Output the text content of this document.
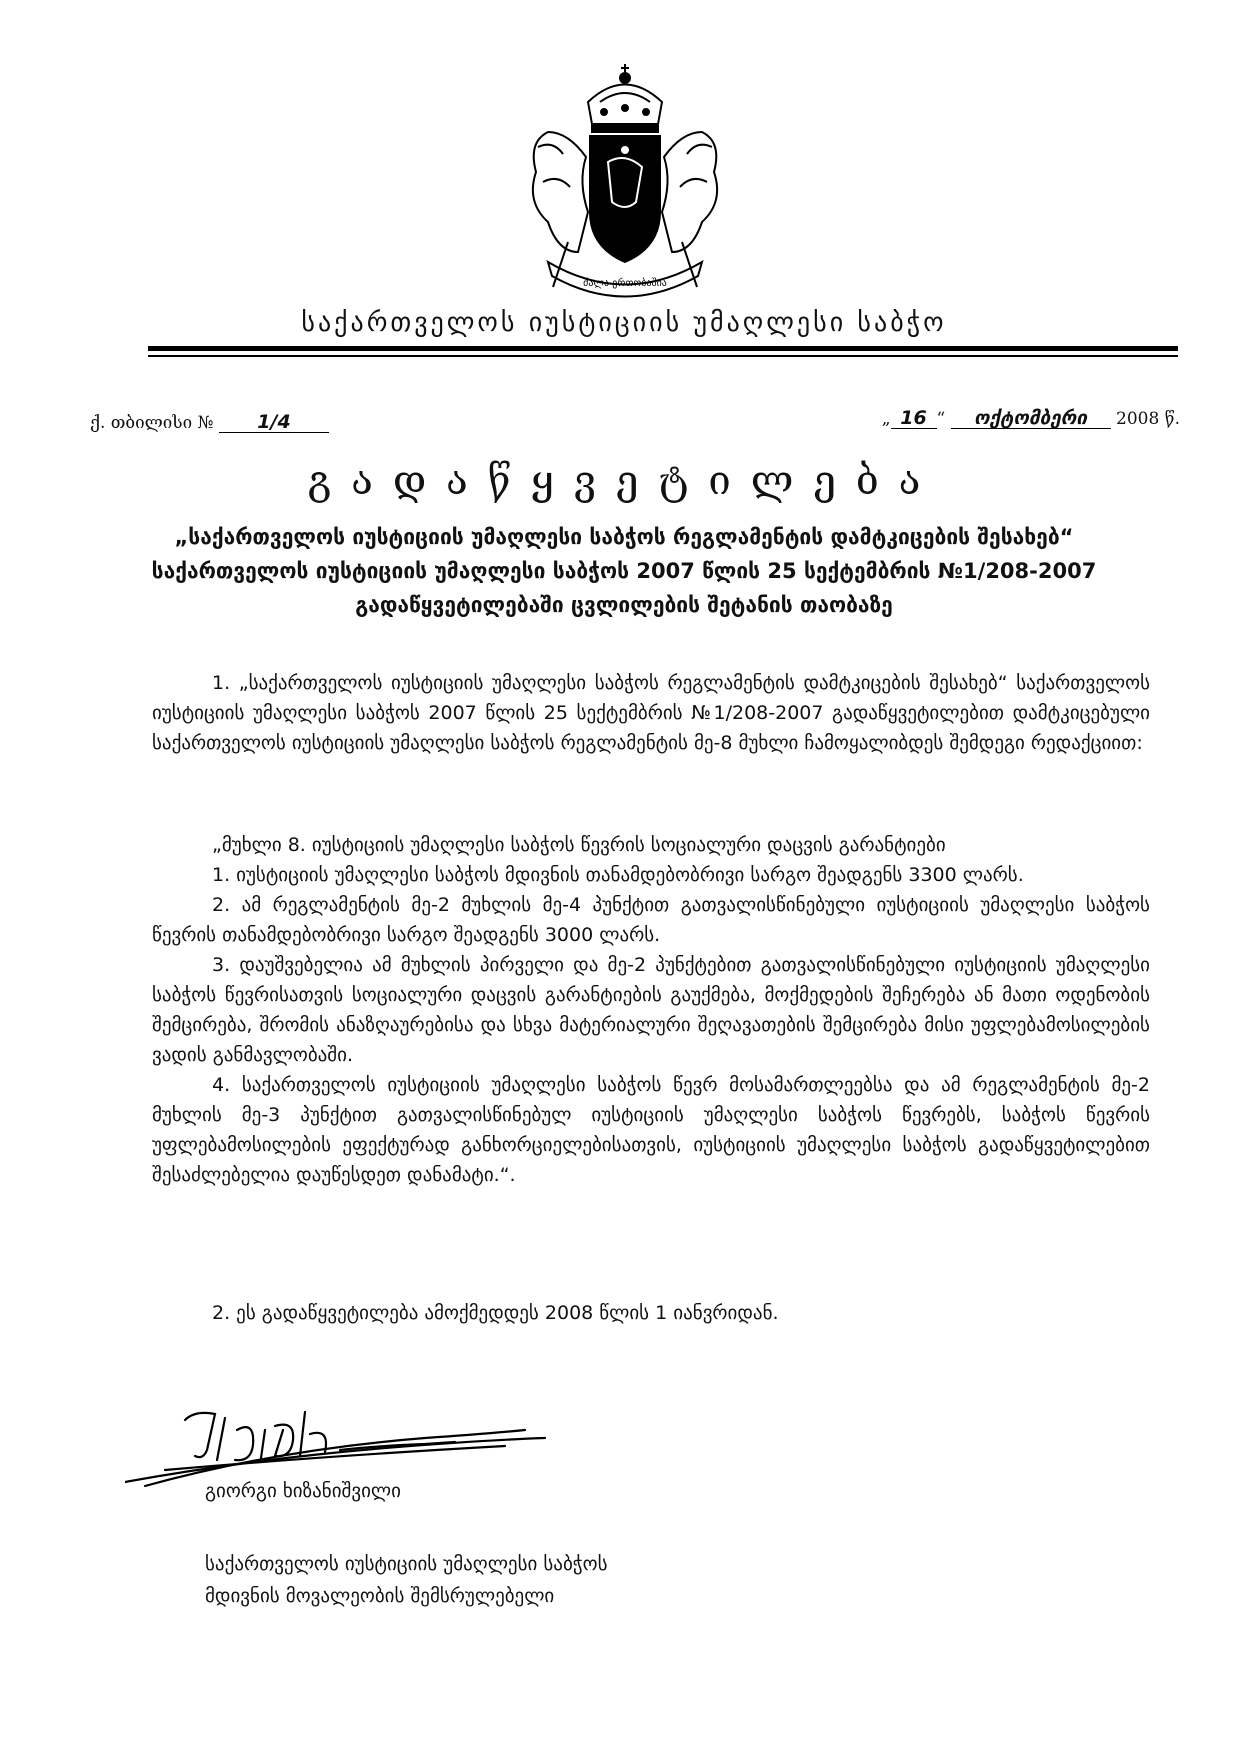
ძალა ერთობაშია
საქართველოს იუსტიციის უმაღლესი საბჭო
ქ. თბილისი № 1/4	„ 16 “ ოქტომბერი 2008 წ.
გადაწყვეტილება
„საქართველოს იუსტიციის უმაღლესი საბჭოს რეგლამენტის დამტკიცების შესახებ“
საქართველოს იუსტიციის უმაღლესი საბჭოს 2007 წლის 25 სექტემბრის №1/208-2007
გადაწყვეტილებაში ცვლილების შეტანის თაობაზე

1. „საქართველოს იუსტიციის უმაღლესი საბჭოს რეგლამენტის დამტკიცების შესახებ“ საქართველოს იუსტიციის უმაღლესი საბჭოს 2007 წლის 25 სექტემბრის №1/208-2007 გადაწყვეტილებით დამტკიცებული საქართველოს იუსტიციის უმაღლესი საბჭოს რეგლამენტის მე-8 მუხლი ჩამოყალიბდეს შემდეგი რედაქციით:

„მუხლი 8. იუსტიციის უმაღლესი საბჭოს წევრის სოციალური დაცვის გარანტიები

1. იუსტიციის უმაღლესი საბჭოს მდივნის თანამდებობრივი სარგო შეადგენს 3300 ლარს.

2. ამ რეგლამენტის მე-2 მუხლის მე-4 პუნქტით გათვალისწინებული იუსტიციის უმაღლესი საბჭოს წევრის თანამდებობრივი სარგო შეადგენს 3000 ლარს.

3. დაუშვებელია ამ მუხლის პირველი და მე-2 პუნქტებით გათვალისწინებული იუსტიციის უმაღლესი საბჭოს წევრისათვის სოციალური დაცვის გარანტიების გაუქმება, მოქმედების შეჩერება ან მათი ოდენობის შემცირება, შრომის ანაზღაურებისა და სხვა მატერიალური შეღავათების შემცირება მისი უფლებამოსილების ვადის განმავლობაში.

4. საქართველოს იუსტიციის უმაღლესი საბჭოს წევრ მოსამართლეებსა და ამ რეგლამენტის მე-2 მუხლის მე-3 პუნქტით გათვალისწინებულ იუსტიციის უმაღლესი საბჭოს წევრებს, საბჭოს წევრის უფლებამოსილების ეფექტურად განხორციელებისათვის, იუსტიციის უმაღლესი საბჭოს გადაწყვეტილებით შესაძლებელია დაუწესდეთ დანამატი.“.

2. ეს გადაწყვეტილება ამოქმედდეს 2008 წლის 1 იანვრიდან.

გიორგი ხიზანიშვილი
საქართველოს იუსტიციის უმაღლესი საბჭოს
მდივნის მოვალეობის შემსრულებელი
